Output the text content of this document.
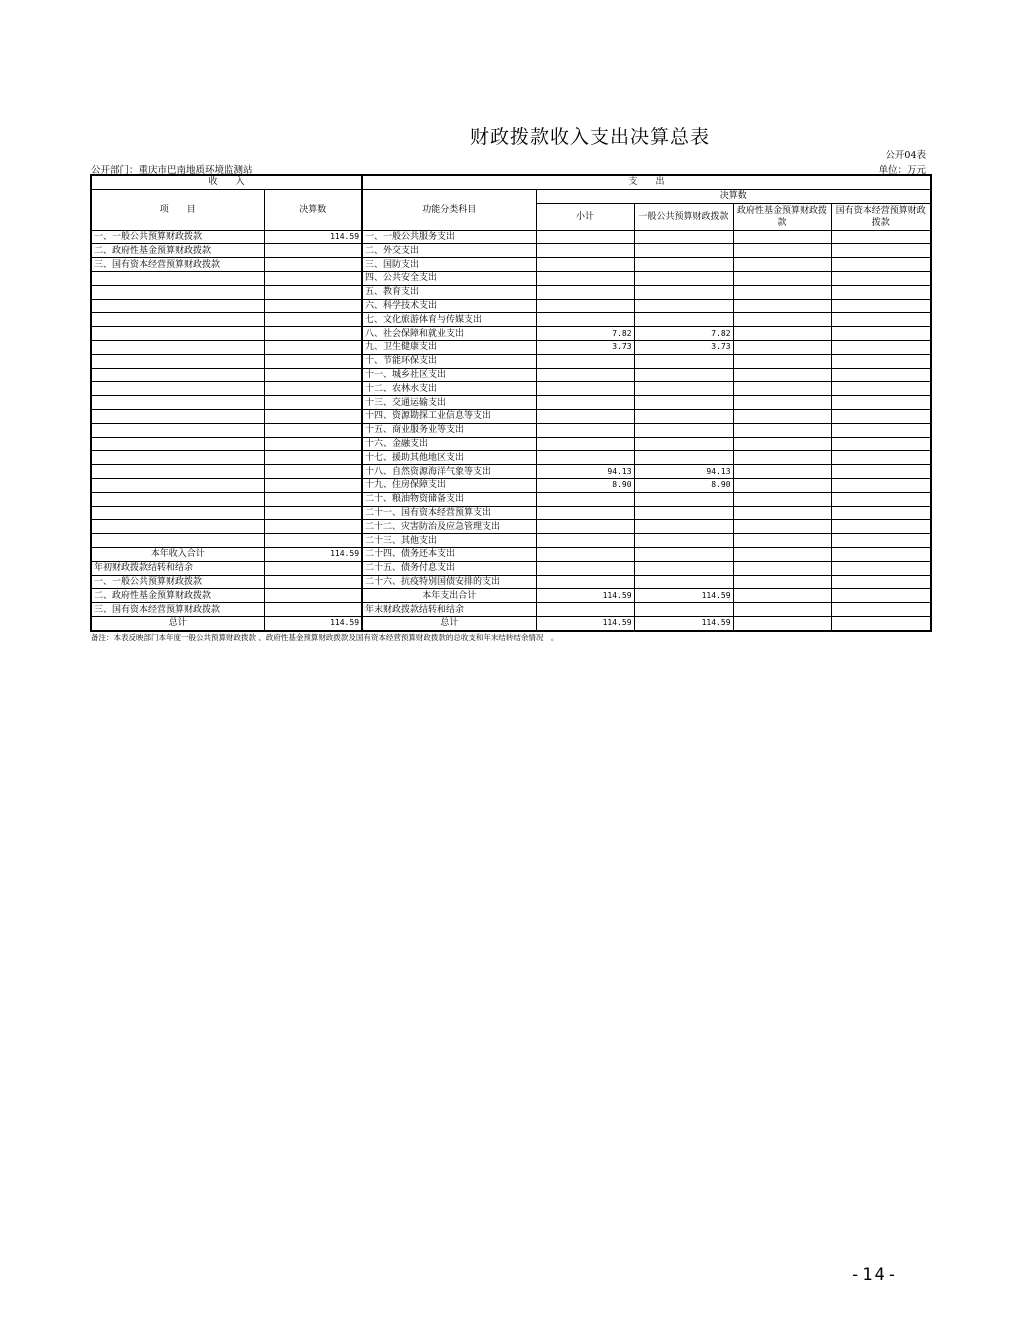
财政拨款收入支出决算总表
公开04表
公开部门：重庆市巴南地质环境监测站	单位：万元
收　　入		支　　出				
项　　目	决算数	功能分类科目	决算数			
			小计	一般公共预算财政拨款	政府性基金预算财政拨款	国有资本经营预算财政拨款

一、一般公共预算财政拨款	114.59	一、一般公共服务支出				
二、政府性基金预算财政拨款		二、外交支出				
三、国有资本经营预算财政拨款		三、国防支出				
		四、公共安全支出				
		五、教育支出				
		六、科学技术支出				
		七、文化旅游体育与传媒支出				
		八、社会保障和就业支出	7.82	7.82		
		九、卫生健康支出	3.73	3.73		
		十、节能环保支出				
		十一、城乡社区支出				
		十二、农林水支出				
		十三、交通运输支出				
		十四、资源勘探工业信息等支出				
		十五、商业服务业等支出				
		十六、金融支出				
		十七、援助其他地区支出				
		十八、自然资源海洋气象等支出	94.13	94.13		
		十九、住房保障支出	8.90	8.90		
		二十、粮油物资储备支出				
		二十一、国有资本经营预算支出				
		二十二、灾害防治及应急管理支出				
		二十三、其他支出				
本年收入合计	114.59	二十四、债务还本支出				
年初财政拨款结转和结余		二十五、债务付息支出				
一、一般公共预算财政拨款		二十六、抗疫特别国债安排的支出				
二、政府性基金预算财政拨款		本年支出合计	114.59	114.59		
三、国有资本经营预算财政拨款		年末财政拨款结转和结余				
总计	114.59	总计	114.59	114.59		
备注：本表反映部门本年度一般公共预算财政拨款 、政府性基金预算财政拨款及国有资本经营预算财政拨款的总收支和年末结转结余情况　。
-14-
